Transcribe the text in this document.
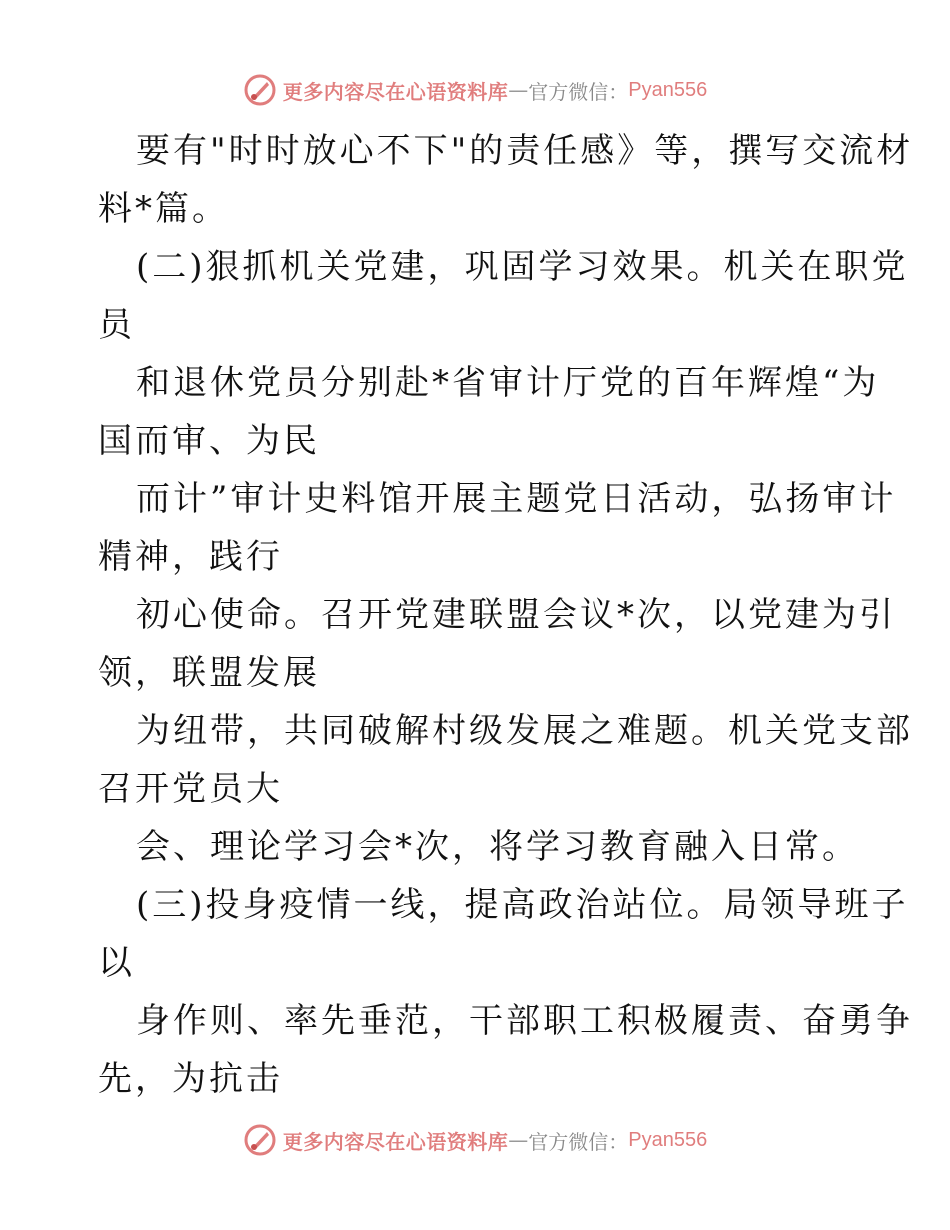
更多内容尽在心语资料库 — 官方微信： Pyan556
要有"时时放心不下"的责任感》等，撰写交流材
料*篇。
(二)狠抓机关党建，巩固学习效果。机关在职党
员
和退休党员分别赴*省审计厅党的百年辉煌“为
国而审、为民
而计”审计史料馆开展主题党日活动，弘扬审计
精神，践行
初心使命。召开党建联盟会议*次，以党建为引
领，联盟发展
为纽带，共同破解村级发展之难题。机关党支部
召开党员大
会、理论学习会*次，将学习教育融入日常。
(三)投身疫情一线，提高政治站位。局领导班子
以
身作则、率先垂范，干部职工积极履责、奋勇争
先，为抗击
更多内容尽在心语资料库 — 官方微信： Pyan556
